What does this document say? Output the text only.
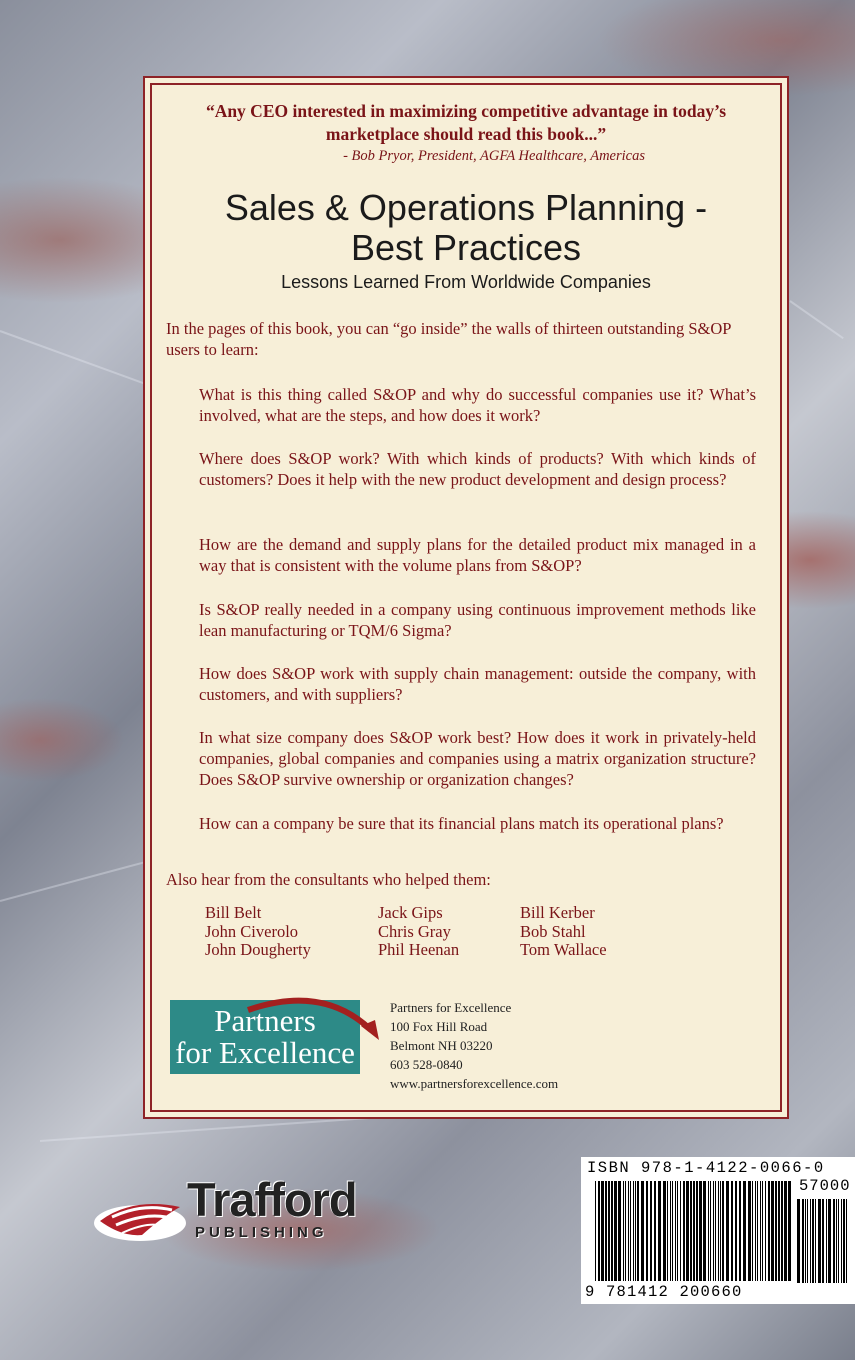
“Any CEO interested in maximizing competitive advantage in today’s
marketplace should read this book...”
- Bob Pryor, President, AGFA Healthcare, Americas
Sales & Operations Planning -
Best Practices
Lessons Learned From Worldwide Companies
In the pages of this book, you can “go inside” the walls of thirteen outstanding S&OP users to learn:
What is this thing called S&OP and why do successful companies use it? What’s involved, what are the steps, and how does it work?
Where does S&OP work? With which kinds of products? With which kinds of customers? Does it help with the new product development and design process?
How are the demand and supply plans for the detailed product mix managed in a way that is consistent with the volume plans from S&OP?
Is S&OP really needed in a company using continuous improvement methods like lean manufacturing or TQM/6 Sigma?
How does S&OP work with supply chain management: outside the company, with customers, and with suppliers?
In what size company does S&OP work best? How does it work in privately-held companies, global companies and companies using a matrix organization structure? Does S&OP survive ownership or organization changes?
How can a company be sure that its financial plans match its operational plans?
Also hear from the consultants who helped them:
Bill Belt
John Civerolo
John Dougherty
Jack Gips
Chris Gray
Phil Heenan
Bill Kerber
Bob Stahl
Tom Wallace
Partners
for Excellence
Partners for Excellence
100 Fox Hill Road
Belmont NH 03220
603 528-0840
www.partnersforexcellence.com
Trafford
PUBLISHING
ISBN 978-1-4122-0066-0
57000
9 781412 200660
